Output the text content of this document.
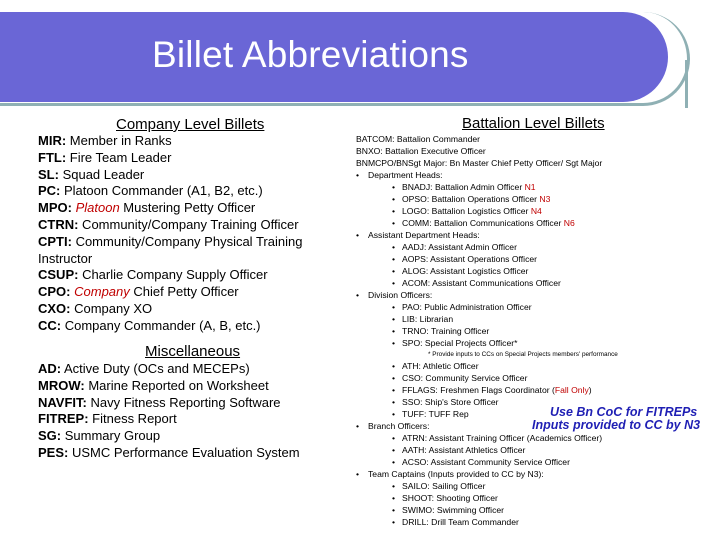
Billet Abbreviations
Company Level Billets
MIR: Member in Ranks
FTL: Fire Team Leader
SL: Squad Leader
PC: Platoon Commander (A1, B2, etc.)
MPO: Platoon Mustering Petty Officer
CTRN: Community/Company Training Officer
CPTI: Community/Company Physical Training Instructor
CSUP: Charlie Company Supply Officer
CPO: Company Chief Petty Officer
CXO: Company XO
CC: Company Commander (A, B, etc.)
Miscellaneous
AD: Active Duty (OCs and MECEPs)
MROW: Marine Reported on Worksheet
NAVFIT: Navy Fitness Reporting Software
FITREP: Fitness Report
SG: Summary Group
PES: USMC Performance Evaluation System
Battalion Level Billets
BATCOM: Battalion Commander
BNXO: Battalion Executive Officer
BNMCPO/BNSgt Major: Bn Master Chief Petty Officer/ Sgt Major
• Department Heads:
• BNADJ: Battalion Admin Officer N1
• OPSO: Battalion Operations Officer N3
• LOGO: Battalion Logistics Officer N4
• COMM: Battalion Communications Officer N6
• Assistant Department Heads:
• AADJ: Assistant Admin Officer
• AOPS: Assistant Operations Officer
• ALOG: Assistant Logistics Officer
• ACOM: Assistant Communications Officer
• Division Officers:
• PAO: Public Administration Officer
• LIB: Librarian
• TRNO: Training Officer
• SPO: Special Projects Officer*
* Provide inputs to CCs on Special Projects members' performance
• ATH: Athletic Officer
• CSO: Community Service Officer
• FFLAGS: Freshmen Flags Coordinator (Fall Only)
• SSO: Ship's Store Officer
• TUFF: TUFF Rep
• Branch Officers:
• ATRN: Assistant Training Officer (Academics Officer)
• AATH: Assistant Athletics Officer
• ACSO: Assistant Community Service Officer
• Team Captains (Inputs provided to CC by N3):
• SAILO: Sailing Officer
• SHOOT: Shooting Officer
• SWIMO: Swimming Officer
• DRILL: Drill Team Commander
Use Bn CoC for FITREPs
Inputs provided to CC by N3
